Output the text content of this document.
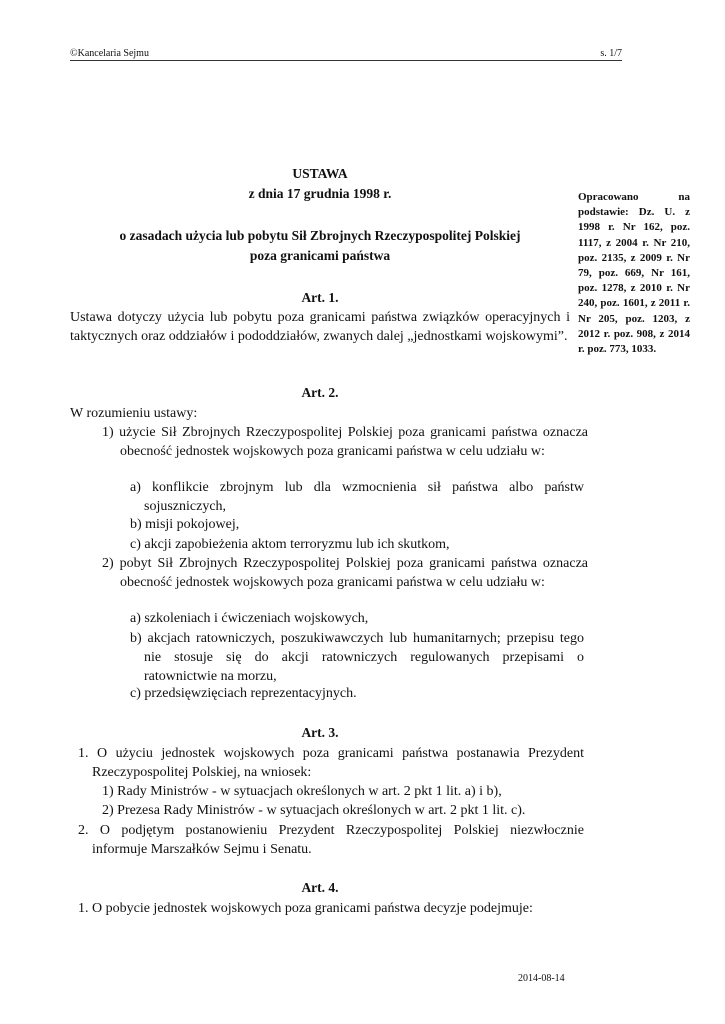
©Kancelaria Sejmu	s. 1/7
USTAWA
z dnia 17 grudnia 1998 r.
o zasadach użycia lub pobytu Sił Zbrojnych Rzeczypospolitej Polskiej
poza granicami państwa
Opracowano na podstawie: Dz. U. z 1998 r. Nr 162, poz. 1117, z 2004 r. Nr 210, poz. 2135, z 2009 r. Nr 79, poz. 669, Nr 161, poz. 1278, z 2010 r. Nr 240, poz. 1601, z 2011 r. Nr 205, poz. 1203, z 2012 r. poz. 908, z 2014 r. poz. 773, 1033.
Art. 1.
Ustawa dotyczy użycia lub pobytu poza granicami państwa związków operacyjnych i taktycznych oraz oddziałów i pododdziałów, zwanych dalej „jednostkami wojskowymi”.
Art. 2.
W rozumieniu ustawy:
1) użycie Sił Zbrojnych Rzeczypospolitej Polskiej poza granicami państwa oznacza obecność jednostek wojskowych poza granicami państwa w celu udziału w:
a) konflikcie zbrojnym lub dla wzmocnienia sił państwa albo państw sojuszniczych,
b) misji pokojowej,
c) akcji zapobieżenia aktom terroryzmu lub ich skutkom,
2) pobyt Sił Zbrojnych Rzeczypospolitej Polskiej poza granicami państwa oznacza obecność jednostek wojskowych poza granicami państwa w celu udziału w:
a) szkoleniach i ćwiczeniach wojskowych,
b) akcjach ratowniczych, poszukiwawczych lub humanitarnych; przepisu tego nie stosuje się do akcji ratowniczych regulowanych przepisami o ratownictwie na morzu,
c) przedsięwzięciach reprezentacyjnych.
Art. 3.
1. O użyciu jednostek wojskowych poza granicami państwa postanawia Prezydent Rzeczypospolitej Polskiej, na wniosek:
1) Rady Ministrów - w sytuacjach określonych w art. 2 pkt 1 lit. a) i b),
2) Prezesa Rady Ministrów - w sytuacjach określonych w art. 2 pkt 1 lit. c).
2. O podjętym postanowieniu Prezydent Rzeczypospolitej Polskiej niezwłocznie informuje Marszałków Sejmu i Senatu.
Art. 4.
1. O pobycie jednostek wojskowych poza granicami państwa decyzje podejmuje:
2014-08-14
